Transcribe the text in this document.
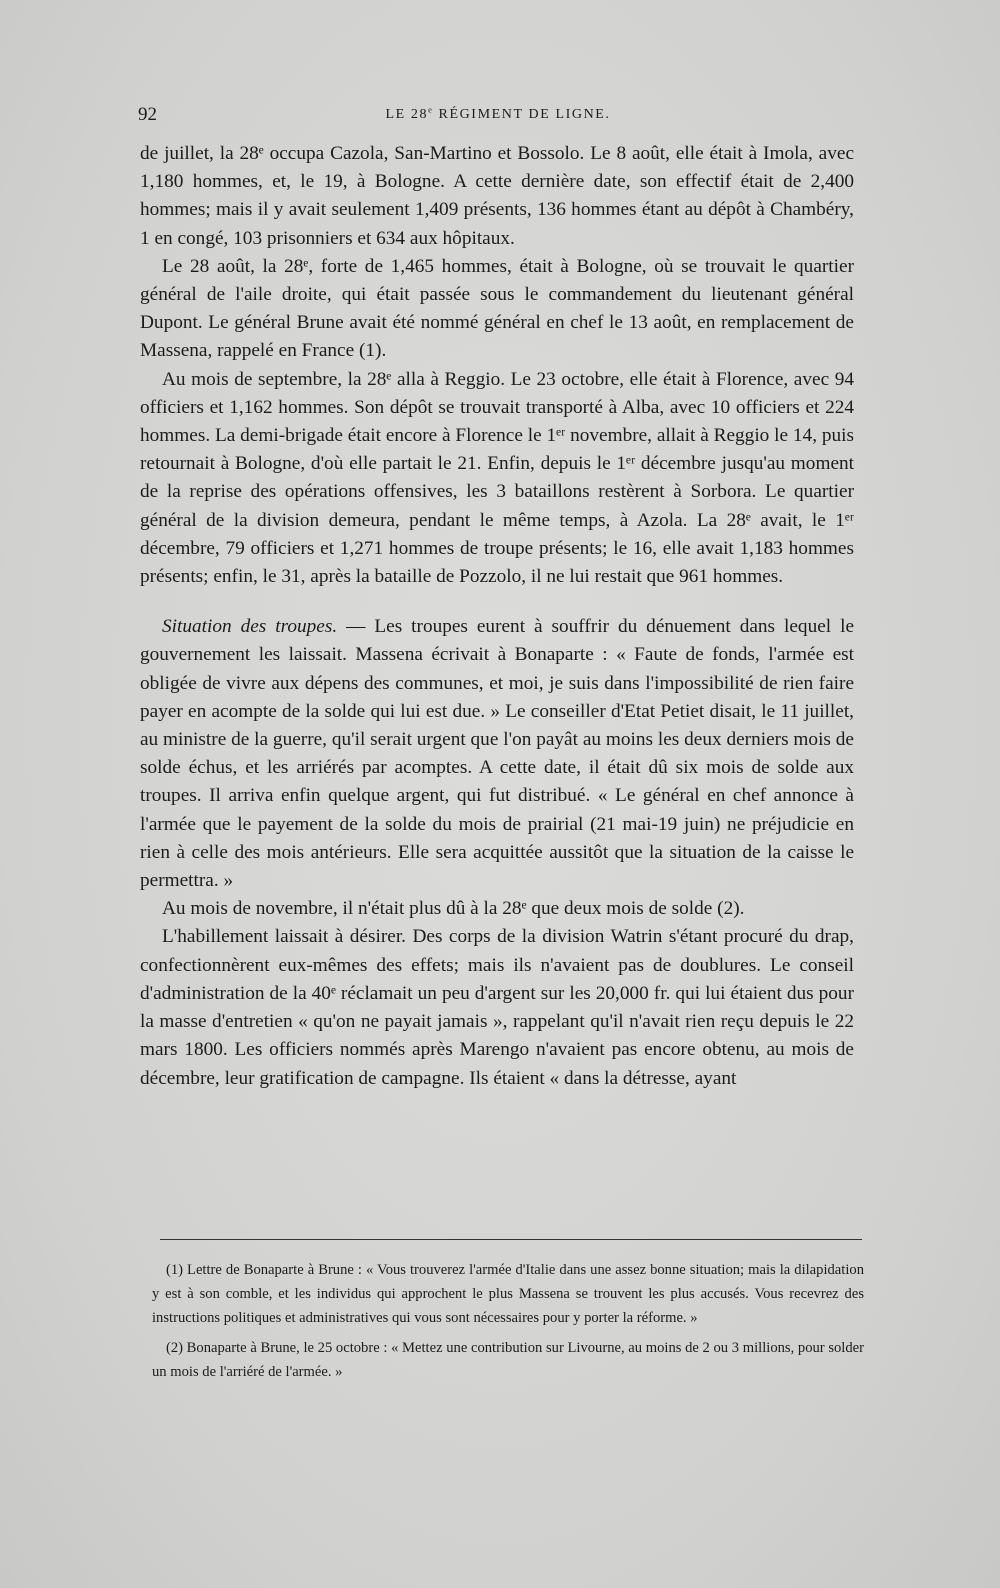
92	LE 28e RÉGIMENT DE LIGNE.

de juillet, la 28ᵉ occupa Cazola, San-Martino et Bossolo. Le 8 août, elle était à Imola, avec 1,180 hommes, et, le 19, à Bologne. A cette dernière date, son effectif était de 2,400 hommes; mais il y avait seulement 1,409 présents, 136 hommes étant au dépôt à Chambéry, 1 en congé, 103 prisonniers et 634 aux hôpitaux.

Le 28 août, la 28ᵉ, forte de 1,465 hommes, était à Bologne, où se trouvait le quartier général de l'aile droite, qui était passée sous le commandement du lieutenant général Dupont. Le général Brune avait été nommé général en chef le 13 août, en remplacement de Massena, rappelé en France (1).

Au mois de septembre, la 28ᵉ alla à Reggio. Le 23 octobre, elle était à Florence, avec 94 officiers et 1,162 hommes. Son dépôt se trouvait transporté à Alba, avec 10 officiers et 224 hommes. La demi-brigade était encore à Florence le 1ᵉʳ novembre, allait à Reggio le 14, puis retournait à Bologne, d'où elle partait le 21. Enfin, depuis le 1ᵉʳ décembre jusqu'au moment de la reprise des opérations offensives, les 3 bataillons restèrent à Sorbora. Le quartier général de la division demeura, pendant le même temps, à Azola. La 28ᵉ avait, le 1ᵉʳ décembre, 79 officiers et 1,271 hommes de troupe présents; le 16, elle avait 1,183 hommes présents; enfin, le 31, après la bataille de Pozzolo, il ne lui restait que 961 hommes.

Situation des troupes. — Les troupes eurent à souffrir du dénuement dans lequel le gouvernement les laissait. Massena écrivait à Bonaparte : « Faute de fonds, l'armée est obligée de vivre aux dépens des communes, et moi, je suis dans l'impossibilité de rien faire payer en acompte de la solde qui lui est due. » Le conseiller d'Etat Petiet disait, le 11 juillet, au ministre de la guerre, qu'il serait urgent que l'on payât au moins les deux derniers mois de solde échus, et les arriérés par acomptes. A cette date, il était dû six mois de solde aux troupes. Il arriva enfin quelque argent, qui fut distribué. « Le général en chef annonce à l'armée que le payement de la solde du mois de prairial (21 mai-19 juin) ne préjudicie en rien à celle des mois antérieurs. Elle sera acquittée aussitôt que la situation de la caisse le permettra. »

Au mois de novembre, il n'était plus dû à la 28ᵉ que deux mois de solde (2).

L'habillement laissait à désirer. Des corps de la division Watrin s'étant procuré du drap, confectionnèrent eux-mêmes des effets; mais ils n'avaient pas de doublures. Le conseil d'administration de la 40ᵉ réclamait un peu d'argent sur les 20,000 fr. qui lui étaient dus pour la masse d'entretien « qu'on ne payait jamais », rappelant qu'il n'avait rien reçu depuis le 22 mars 1800. Les officiers nommés après Marengo n'avaient pas encore obtenu, au mois de décembre, leur gratification de campagne. Ils étaient « dans la détresse, ayant

(1) Lettre de Bonaparte à Brune : « Vous trouverez l'armée d'Italie dans une assez bonne situation; mais la dilapidation y est à son comble, et les individus qui approchent le plus Massena se trouvent les plus accusés. Vous recevrez des instructions politiques et administratives qui vous sont nécessaires pour y porter la réforme. »

(2) Bonaparte à Brune, le 25 octobre : « Mettez une contribution sur Livourne, au moins de 2 ou 3 millions, pour solder un mois de l'arriéré de l'armée. »
